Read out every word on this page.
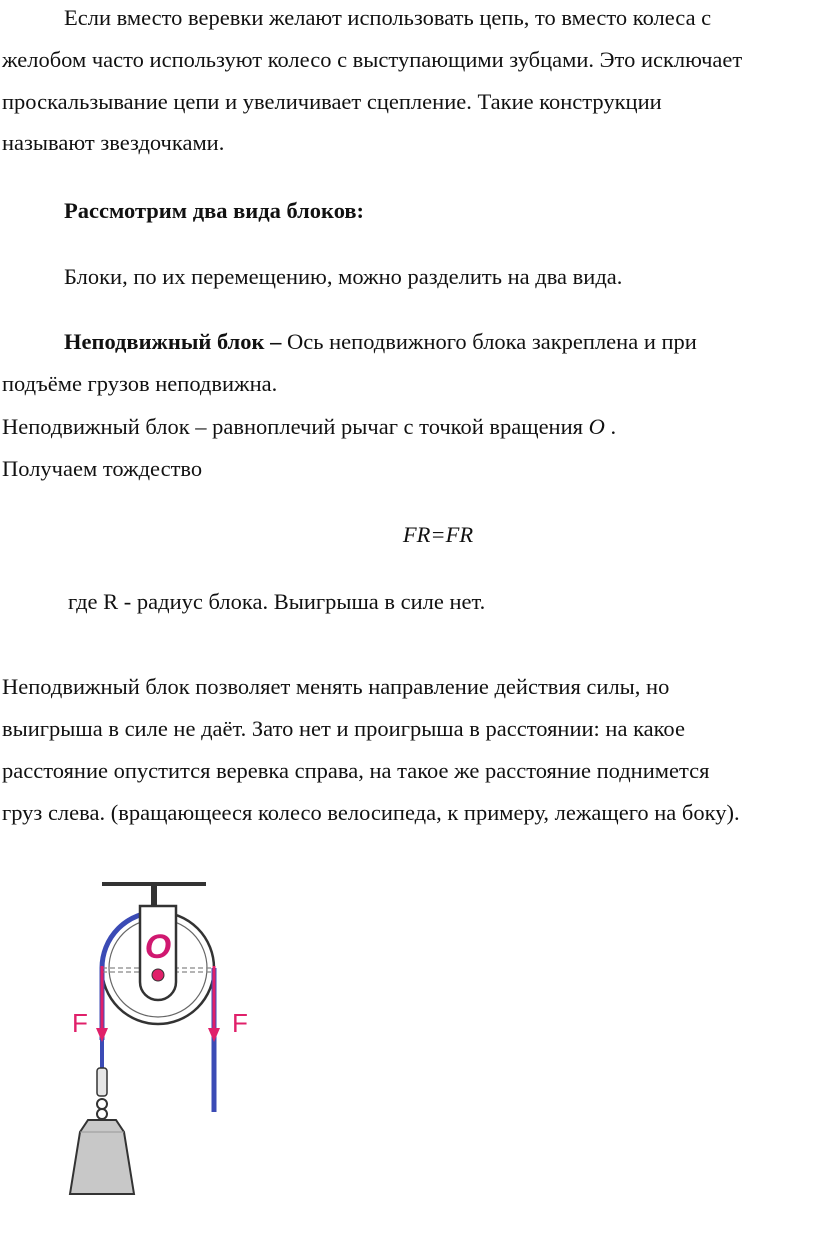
Если вместо веревки желают использовать цепь, то вместо колеса с
желобом часто используют колесо с выступающими зубцами. Это исключает
проскальзывание цепи и увеличивает сцепление. Такие конструкции
называют звездочками.
Рассмотрим два вида блоков:
Блоки, по их перемещению, можно разделить на два вида.
Неподвижный блок – Ось неподвижного блока закреплена и при
подъёме грузов неподвижна.
Неподвижный блок – равноплечий рычаг с точкой вращения O .
Получаем тождество
FR=FR
где R - радиус блока. Выигрыша в силе нет.
Неподвижный блок позволяет менять направление действия силы, но
выигрыша в силе не даёт. Зато нет и проигрыша в расстоянии: на какое
расстояние опустится веревка справа, на такое же расстояние поднимется
груз слева. (вращающееся колесо велосипеда, к примеру, лежащего на боку).
O
F	F
